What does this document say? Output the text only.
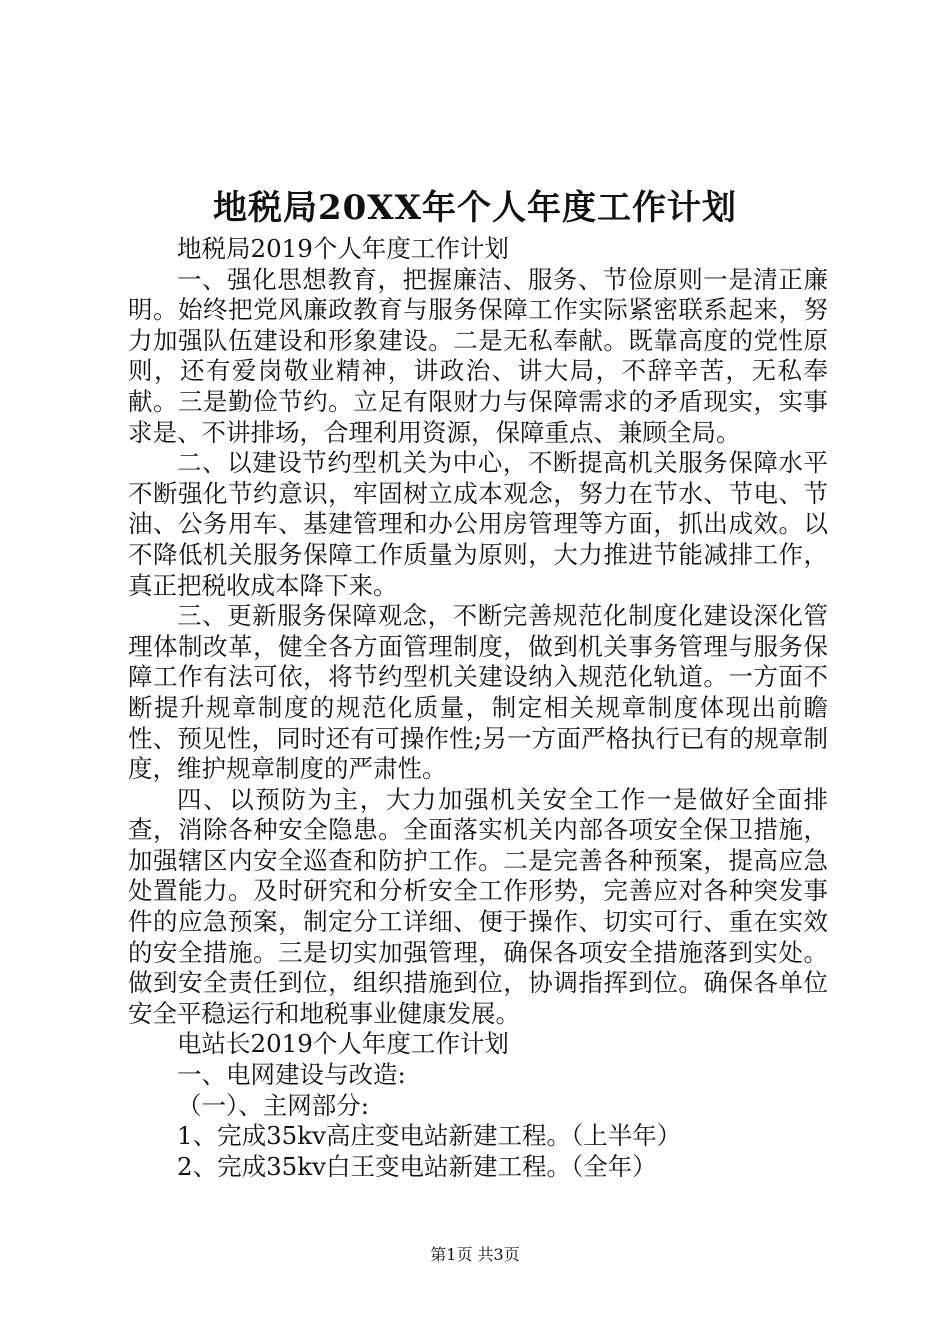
地税局20XX年个人年度工作计划

地税局2019个人年度工作计划

一、强化思想教育，把握廉洁、服务、节俭原则一是清正廉明。始终把党风廉政教育与服务保障工作实际紧密联系起来，努力加强队伍建设和形象建设。二是无私奉献。既靠高度的党性原则，还有爱岗敬业精神，讲政治、讲大局，不辞辛苦，无私奉献。三是勤俭节约。立足有限财力与保障需求的矛盾现实，实事求是、不讲排场，合理利用资源，保障重点、兼顾全局。

二、以建设节约型机关为中心，不断提高机关服务保障水平不断强化节约意识，牢固树立成本观念，努力在节水、节电、节油、公务用车、基建管理和办公用房管理等方面，抓出成效。以不降低机关服务保障工作质量为原则，大力推进节能减排工作，真正把税收成本降下来。

三、更新服务保障观念，不断完善规范化制度化建设深化管理体制改革，健全各方面管理制度，做到机关事务管理与服务保障工作有法可依，将节约型机关建设纳入规范化轨道。一方面不断提升规章制度的规范化质量，制定相关规章制度体现出前瞻性、预见性，同时还有可操作性;另一方面严格执行已有的规章制度，维护规章制度的严肃性。

四、以预防为主，大力加强机关安全工作一是做好全面排查，消除各种安全隐患。全面落实机关内部各项安全保卫措施，加强辖区内安全巡查和防护工作。二是完善各种预案，提高应急处置能力。及时研究和分析安全工作形势，完善应对各种突发事件的应急预案，制定分工详细、便于操作、切实可行、重在实效的安全措施。三是切实加强管理，确保各项安全措施落到实处。做到安全责任到位，组织措施到位，协调指挥到位。确保各单位安全平稳运行和地税事业健康发展。

电站长2019个人年度工作计划

一、电网建设与改造:

（一）、主网部分:

1、完成35kv高庄变电站新建工程。（上半年）

2、完成35kv白王变电站新建工程。（全年）

第1页 共3页
